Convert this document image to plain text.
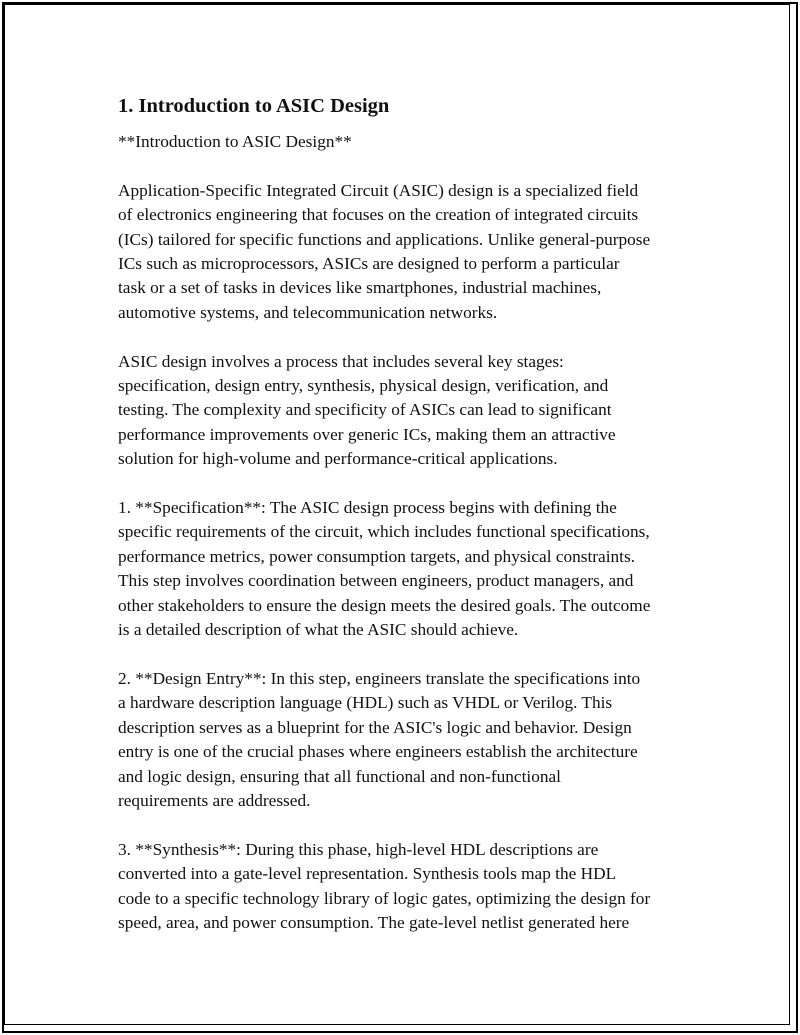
1. Introduction to ASIC Design
**Introduction to ASIC Design**
Application-Specific Integrated Circuit (ASIC) design is a specialized field
of electronics engineering that focuses on the creation of integrated circuits
(ICs) tailored for specific functions and applications. Unlike general-purpose
ICs such as microprocessors, ASICs are designed to perform a particular
task or a set of tasks in devices like smartphones, industrial machines,
automotive systems, and telecommunication networks.
ASIC design involves a process that includes several key stages:
specification, design entry, synthesis, physical design, verification, and
testing. The complexity and specificity of ASICs can lead to significant
performance improvements over generic ICs, making them an attractive
solution for high-volume and performance-critical applications.
1. **Specification**: The ASIC design process begins with defining the
specific requirements of the circuit, which includes functional specifications,
performance metrics, power consumption targets, and physical constraints.
This step involves coordination between engineers, product managers, and
other stakeholders to ensure the design meets the desired goals. The outcome
is a detailed description of what the ASIC should achieve.
2. **Design Entry**: In this step, engineers translate the specifications into
a hardware description language (HDL) such as VHDL or Verilog. This
description serves as a blueprint for the ASIC's logic and behavior. Design
entry is one of the crucial phases where engineers establish the architecture
and logic design, ensuring that all functional and non-functional
requirements are addressed.
3. **Synthesis**: During this phase, high-level HDL descriptions are
converted into a gate-level representation. Synthesis tools map the HDL
code to a specific technology library of logic gates, optimizing the design for
speed, area, and power consumption. The gate-level netlist generated here
